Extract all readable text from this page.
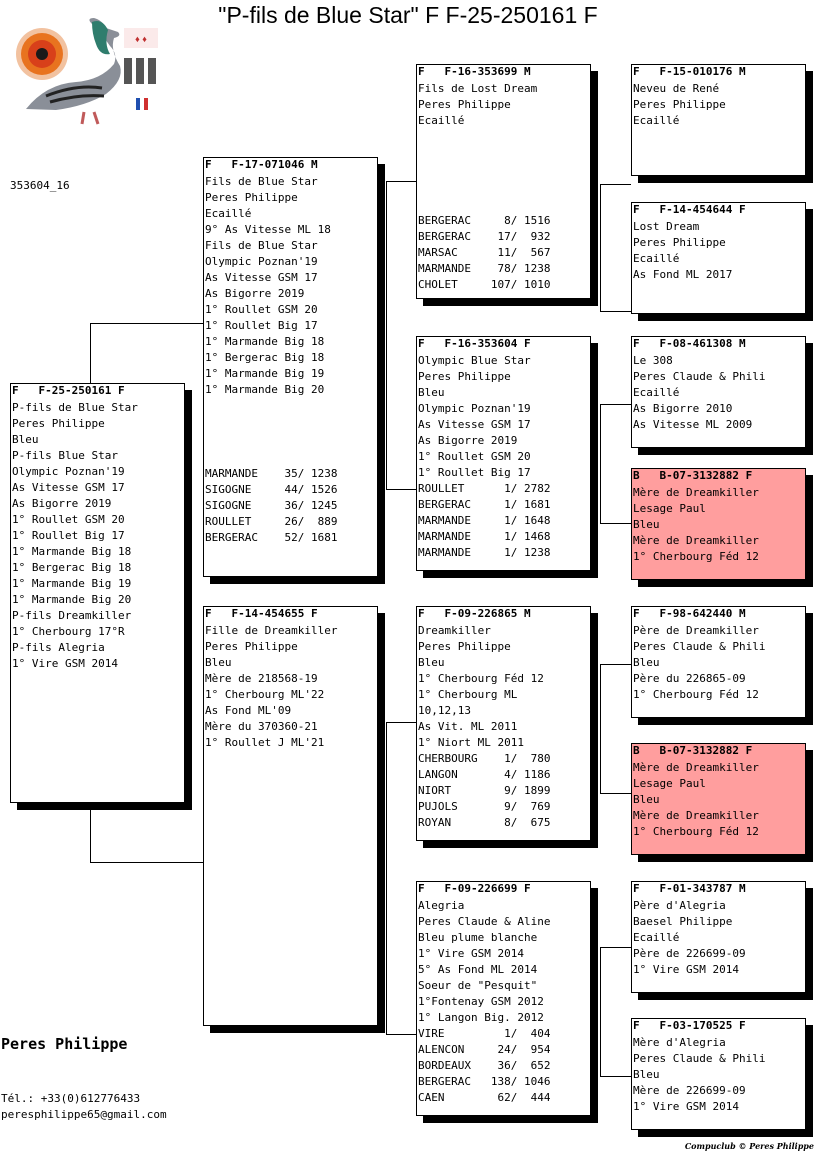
"P-fils de Blue Star" F F-25-250161 F
♦ ♦
353604_16
F   F-25-250161 F
P-fils de Blue Star
Peres Philippe
Bleu
P-fils Blue Star
Olympic Poznan'19
As Vitesse GSM 17
As Bigorre 2019
1° Roullet GSM 20
1° Roullet Big 17
1° Marmande Big 18
1° Bergerac Big 18
1° Marmande Big 19
1° Marmande Big 20
P-fils Dreamkiller
1° Cherbourg 17°R
P-fils Alegria
1° Vire GSM 2014
F   F-17-071046 M
Fils de Blue Star
Peres Philippe
Ecaillé
9° As Vitesse ML 18
Fils de Blue Star
Olympic Poznan'19
As Vitesse GSM 17
As Bigorre 2019
1° Roullet GSM 20
1° Roullet Big 17
1° Marmande Big 18
1° Bergerac Big 18
1° Marmande Big 19
1° Marmande Big 20
MARMANDE    35/ 1238
SIGOGNE     44/ 1526
SIGOGNE     36/ 1245
ROULLET     26/  889
BERGERAC    52/ 1681
F   F-14-454655 F
Fille de Dreamkiller
Peres Philippe
Bleu
Mère de 218568-19
1° Cherbourg ML'22
As Fond ML'09
Mère du 370360-21
1° Roullet J ML'21
F   F-16-353699 M
Fils de Lost Dream
Peres Philippe
Ecaillé
BERGERAC     8/ 1516
BERGERAC    17/  932
MARSAC      11/  567
MARMANDE    78/ 1238
CHOLET     107/ 1010
F   F-16-353604 F
Olympic Blue Star
Peres Philippe
Bleu
Olympic Poznan'19
As Vitesse GSM 17
As Bigorre 2019
1° Roullet GSM 20
1° Roullet Big 17
ROULLET      1/ 2782
BERGERAC     1/ 1681
MARMANDE     1/ 1648
MARMANDE     1/ 1468
MARMANDE     1/ 1238
F   F-09-226865 M
Dreamkiller
Peres Philippe
Bleu
1° Cherbourg Féd 12
1° Cherbourg ML
10,12,13
As Vit. ML 2011
1° Niort ML 2011
CHERBOURG    1/  780
LANGON       4/ 1186
NIORT        9/ 1899
PUJOLS       9/  769
ROYAN        8/  675
F   F-09-226699 F
Alegria
Peres Claude & Aline
Bleu plume blanche
1° Vire GSM 2014
5° As Fond ML 2014
Soeur de "Pesquit"
1°Fontenay GSM 2012
1° Langon Big. 2012
VIRE         1/  404
ALENCON     24/  954
BORDEAUX    36/  652
BERGERAC   138/ 1046
CAEN        62/  444
F   F-15-010176 M
Neveu de René
Peres Philippe
Ecaillé
F   F-14-454644 F
Lost Dream
Peres Philippe
Ecaillé
As Fond ML 2017
F   F-08-461308 M
Le 308
Peres Claude & Phili
Ecaillé
As Bigorre 2010
As Vitesse ML 2009
B   B-07-3132882 F
Mère de Dreamkiller
Lesage Paul
Bleu
Mère de Dreamkiller
1° Cherbourg Féd 12
F   F-98-642440 M
Père de Dreamkiller
Peres Claude & Phili
Bleu
Père du 226865-09
1° Cherbourg Féd 12
B   B-07-3132882 F
Mère de Dreamkiller
Lesage Paul
Bleu
Mère de Dreamkiller
1° Cherbourg Féd 12
F   F-01-343787 M
Père d'Alegria
Baesel Philippe
Ecaillé
Père de 226699-09
1° Vire GSM 2014
F   F-03-170525 F
Mère d'Alegria
Peres Claude & Phili
Bleu
Mère de 226699-09
1° Vire GSM 2014
Peres Philippe
Tél.: +33(0)612776433
peresphilippe65@gmail.com
Compuclub © Peres Philippe
